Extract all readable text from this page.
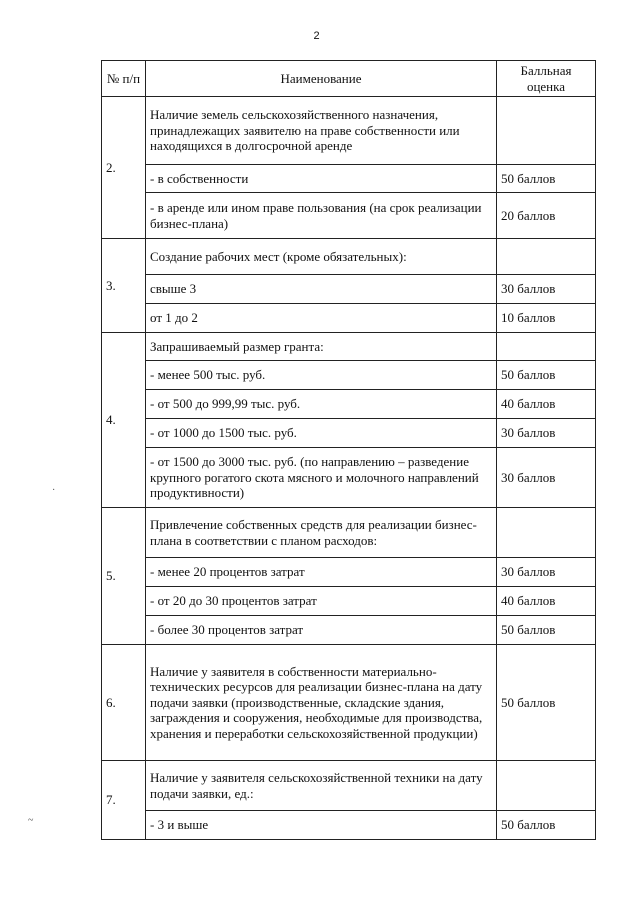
2
№ п/п	Наименование	Балльная оценка
2.	Наличие земель сельскохозяйственного назначения, принадлежащих заявителю на праве собственности или находящихся в долгосрочной аренде	
	- в собственности	50 баллов
	- в аренде или ином праве пользования (на срок реализации бизнес-плана)	20 баллов
3.	Создание рабочих мест (кроме обязательных):	
	свыше 3	30 баллов
	от 1 до 2	10 баллов
4.	Запрашиваемый размер гранта:	
	- менее 500 тыс. руб.	50 баллов
	- от 500 до 999,99 тыс. руб.	40 баллов
	- от 1000 до 1500 тыс. руб.	30 баллов
	- от 1500 до 3000 тыс. руб. (по направлению – разведение крупного рогатого скота мясного и молочного направлений продуктивности)	30 баллов
5.	Привлечение собственных средств для реализации бизнес-плана в соответствии с планом расходов:	
	- менее 20 процентов затрат	30 баллов
	- от 20 до 30 процентов затрат	40 баллов
	- более 30 процентов затрат	50 баллов
6.	Наличие у заявителя в собственности материально-технических ресурсов для реализации бизнес-плана на дату подачи заявки (производственные, складские здания, заграждения и сооружения, необходимые для производства, хранения и переработки сельскохозяйственной продукции)	50 баллов
7.	Наличие у заявителя сельскохозяйственной техники на дату подачи заявки, ед.:	
	- 3 и выше	50 баллов
·
~
